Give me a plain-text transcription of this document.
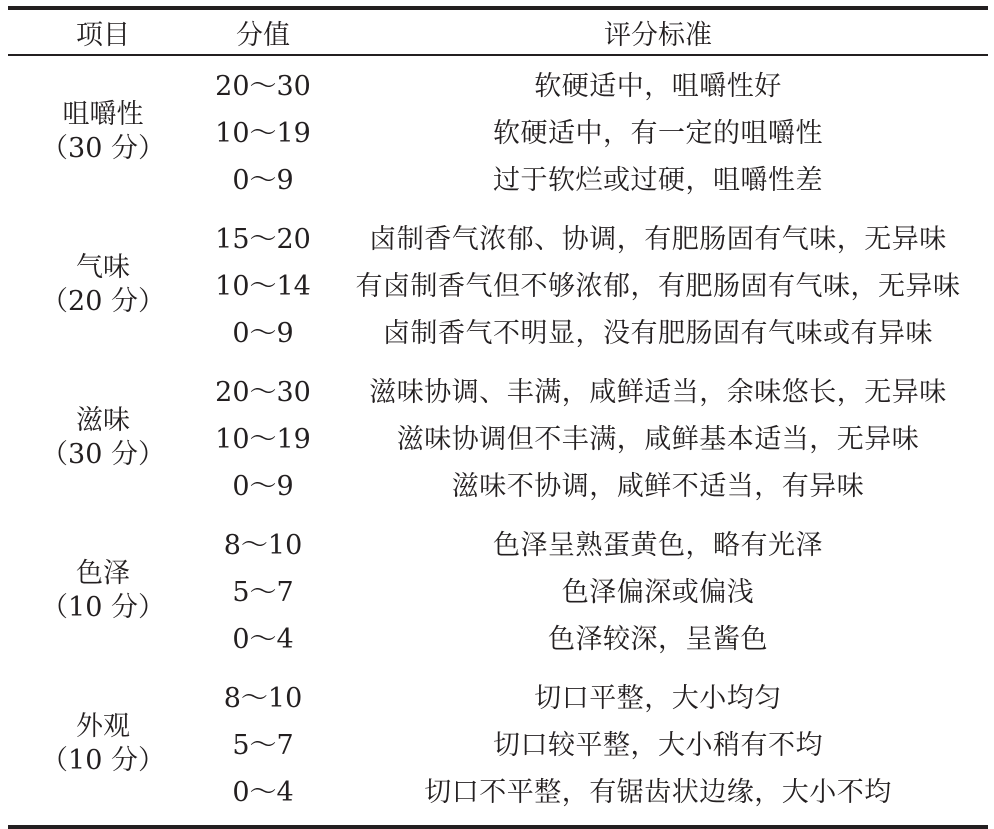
项目	分值	评分标准
咀嚼性
（30 分）
20～30	软硬适中，咀嚼性好
10～19	软硬适中，有一定的咀嚼性
0～9	过于软烂或过硬，咀嚼性差
气味
（20 分）
15～20	卤制香气浓郁、协调，有肥肠固有气味，无异味
10～14	有卤制香气但不够浓郁，有肥肠固有气味，无异味
0～9	卤制香气不明显，没有肥肠固有气味或有异味
滋味
（30 分）
20～30	滋味协调、丰满，咸鲜适当，余味悠长，无异味
10～19	滋味协调但不丰满，咸鲜基本适当，无异味
0～9	滋味不协调，咸鲜不适当，有异味
色泽
（10 分）
8～10	色泽呈熟蛋黄色，略有光泽
5～7	色泽偏深或偏浅
0～4	色泽较深，呈酱色
外观
（10 分）
8～10	切口平整，大小均匀
5～7	切口较平整，大小稍有不均
0～4	切口不平整，有锯齿状边缘，大小不均
